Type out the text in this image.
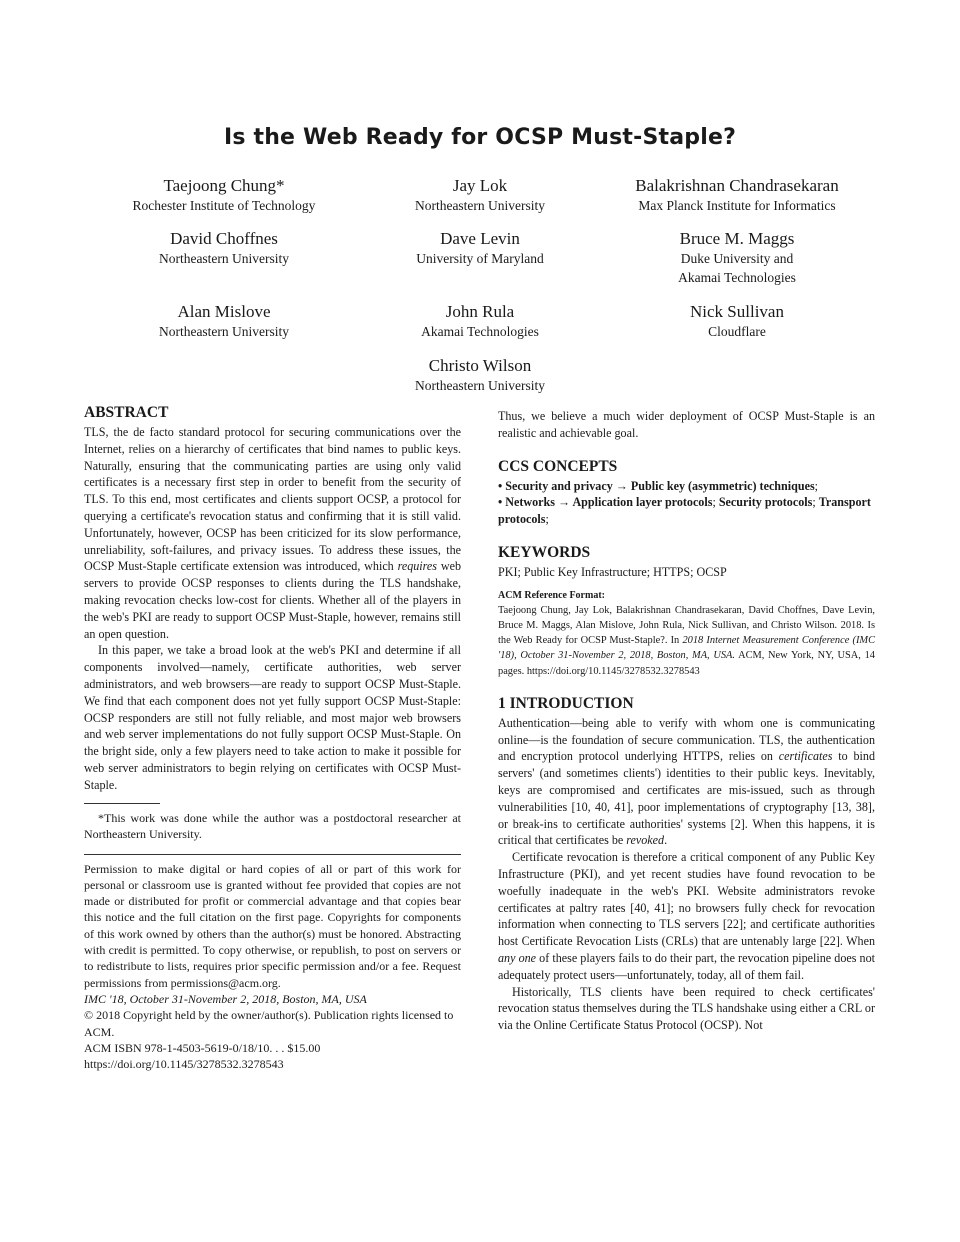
Is the Web Ready for OCSP Must-Staple?
Taejoong Chung*
Rochester Institute of Technology
Jay Lok
Northeastern University
Balakrishnan Chandrasekaran
Max Planck Institute for Informatics
David Choffnes
Northeastern University
Dave Levin
University of Maryland
Bruce M. Maggs
Duke University and
Akamai Technologies
Alan Mislove
Northeastern University
John Rula
Akamai Technologies
Nick Sullivan
Cloudflare
Christo Wilson
Northeastern University
ABSTRACT

TLS, the de facto standard protocol for securing communications over the Internet, relies on a hierarchy of certificates that bind names to public keys. Naturally, ensuring that the communicating parties are using only valid certificates is a necessary first step in order to benefit from the security of TLS. To this end, most certificates and clients support OCSP, a protocol for querying a certificate's revocation status and confirming that it is still valid. Unfortunately, however, OCSP has been criticized for its slow performance, unreliability, soft-failures, and privacy issues. To address these issues, the OCSP Must-Staple certificate extension was introduced, which requires web servers to provide OCSP responses to clients during the TLS handshake, making revocation checks low-cost for clients. Whether all of the players in the web's PKI are ready to support OCSP Must-Staple, however, remains still an open question.

In this paper, we take a broad look at the web's PKI and determine if all components involved—namely, certificate authorities, web server administrators, and web browsers—are ready to support OCSP Must-Staple. We find that each component does not yet fully support OCSP Must-Staple: OCSP responders are still not fully reliable, and most major web browsers and web server implementations do not fully support OCSP Must-Staple. On the bright side, only a few players need to take action to make it possible for web server administrators to begin relying on certificates with OCSP Must-Staple.

*This work was done while the author was a postdoctoral researcher at Northeastern University.

Permission to make digital or hard copies of all or part of this work for personal or classroom use is granted without fee provided that copies are not made or distributed for profit or commercial advantage and that copies bear this notice and the full citation on the first page. Copyrights for components of this work owned by others than the author(s) must be honored. Abstracting with credit is permitted. To copy otherwise, or republish, to post on servers or to redistribute to lists, requires prior specific permission and/or a fee. Request permissions from permissions@acm.org.

IMC '18, October 31-November 2, 2018, Boston, MA, USA

© 2018 Copyright held by the owner/author(s). Publication rights licensed to ACM.

ACM ISBN 978-1-4503-5619-0/18/10. . . $15.00

https://doi.org/10.1145/3278532.3278543

Thus, we believe a much wider deployment of OCSP Must-Staple is an realistic and achievable goal.

CCS CONCEPTS

• Security and privacy → Public key (asymmetric) techniques;

• Networks → Application layer protocols; Security protocols; Transport protocols;

KEYWORDS

PKI; Public Key Infrastructure; HTTPS; OCSP

ACM Reference Format:

Taejoong Chung, Jay Lok, Balakrishnan Chandrasekaran, David Choffnes, Dave Levin, Bruce M. Maggs, Alan Mislove, John Rula, Nick Sullivan, and Christo Wilson. 2018. Is the Web Ready for OCSP Must-Staple?. In 2018 Internet Measurement Conference (IMC '18), October 31-November 2, 2018, Boston, MA, USA. ACM, New York, NY, USA, 14 pages. https://doi.org/10.1145/3278532.3278543

1 INTRODUCTION

Authentication—being able to verify with whom one is communicating online—is the foundation of secure communication. TLS, the authentication and encryption protocol underlying HTTPS, relies on certificates to bind servers' (and sometimes clients') identities to their public keys. Inevitably, keys are compromised and certificates are mis-issued, such as through vulnerabilities [10, 40, 41], poor implementations of cryptography [13, 38], or break-ins to certificate authorities' systems [2]. When this happens, it is critical that certificates be revoked.

Certificate revocation is therefore a critical component of any Public Key Infrastructure (PKI), and yet recent studies have found revocation to be woefully inadequate in the web's PKI. Website administrators revoke certificates at paltry rates [40, 41]; no browsers fully check for revocation information when connecting to TLS servers [22]; and certificate authorities host Certificate Revocation Lists (CRLs) that are untenably large [22]. When any one of these players fails to do their part, the revocation pipeline does not adequately protect users—unfortunately, today, all of them fail.

Historically, TLS clients have been required to check certificates' revocation status themselves during the TLS handshake using either a CRL or via the Online Certificate Status Protocol (OCSP). Not
